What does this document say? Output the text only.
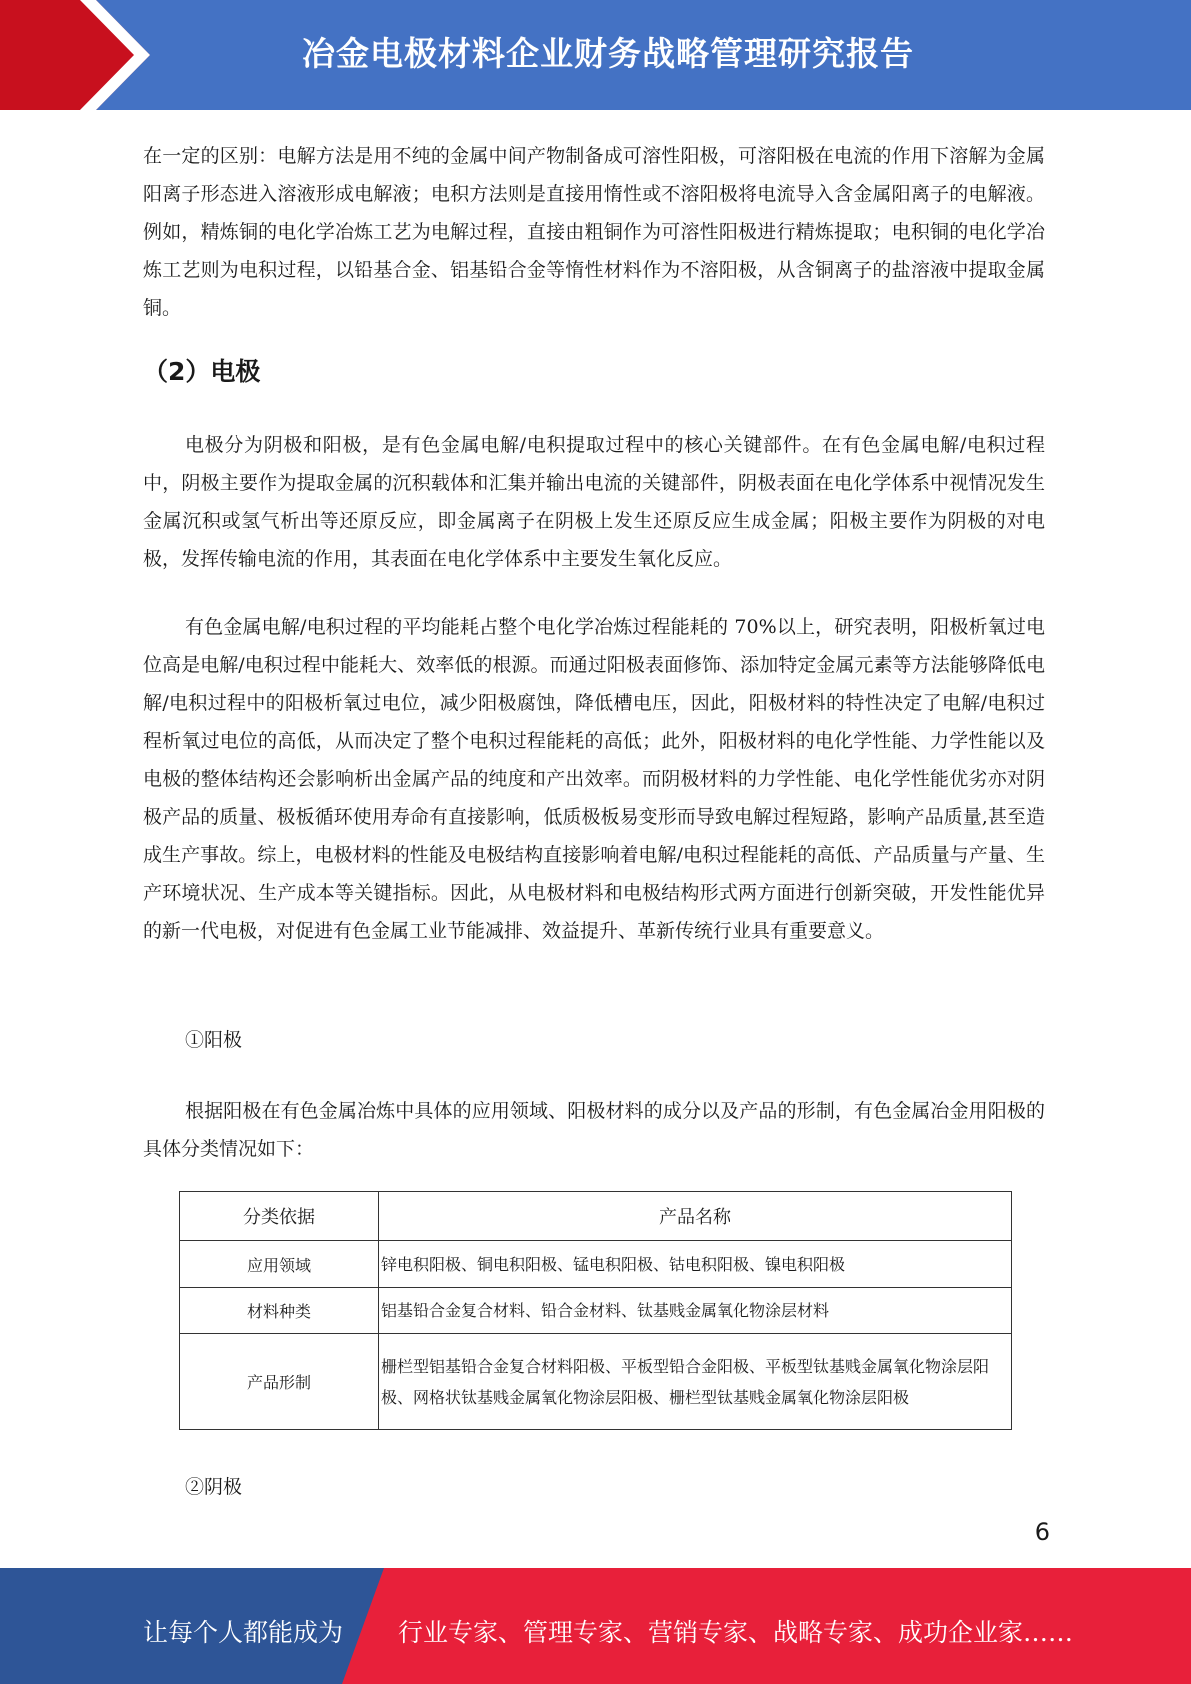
冶金电极材料企业财务战略管理研究报告

在一定的区别：电解方法是用不纯的金属中间产物制备成可溶性阳极，可溶阳极在电流的作用下溶解为金属阳离子形态进入溶液形成电解液；电积方法则是直接用惰性或不溶阳极将电流导入含金属阳离子的电解液。例如，精炼铜的电化学冶炼工艺为电解过程，直接由粗铜作为可溶性阳极进行精炼提取；电积铜的电化学冶炼工艺则为电积过程，以铅基合金、铝基铅合金等惰性材料作为不溶阳极，从含铜离子的盐溶液中提取金属铜。

（2）电极

电极分为阴极和阳极，是有色金属电解/电积提取过程中的核心关键部件。在有色金属电解/电积过程中，阴极主要作为提取金属的沉积载体和汇集并输出电流的关键部件，阴极表面在电化学体系中视情况发生金属沉积或氢气析出等还原反应，即金属离子在阴极上发生还原反应生成金属；阳极主要作为阴极的对电极，发挥传输电流的作用，其表面在电化学体系中主要发生氧化反应。

有色金属电解/电积过程的平均能耗占整个电化学冶炼过程能耗的 70%以上，研究表明，阳极析氧过电位高是电解/电积过程中能耗大、效率低的根源。而通过阳极表面修饰、添加特定金属元素等方法能够降低电解/电积过程中的阳极析氧过电位，减少阳极腐蚀，降低槽电压，因此，阳极材料的特性决定了电解/电积过程析氧过电位的高低，从而决定了整个电积过程能耗的高低；此外，阳极材料的电化学性能、力学性能以及电极的整体结构还会影响析出金属产品的纯度和产出效率。而阴极材料的力学性能、电化学性能优劣亦对阴极产品的质量、极板循环使用寿命有直接影响，低质极板易变形而导致电解过程短路，影响产品质量,甚至造成生产事故。综上，电极材料的性能及电极结构直接影响着电解/电积过程能耗的高低、产品质量与产量、生产环境状况、生产成本等关键指标。因此，从电极材料和电极结构形式两方面进行创新突破，开发性能优异的新一代电极，对促进有色金属工业节能减排、效益提升、革新传统行业具有重要意义。

①阳极

根据阳极在有色金属冶炼中具体的应用领域、阳极材料的成分以及产品的形制，有色金属冶金用阳极的具体分类情况如下：

分类依据	产品名称
应用领域	锌电积阳极、铜电积阳极、锰电积阳极、钴电积阳极、镍电积阳极
材料种类	铝基铅合金复合材料、铅合金材料、钛基贱金属氧化物涂层材料
产品形制	栅栏型铝基铅合金复合材料阳极、平板型铅合金阳极、平板型钛基贱金属氧化物涂层阳极、网格状钛基贱金属氧化物涂层阳极、栅栏型钛基贱金属氧化物涂层阳极
②阴极
6
让每个人都能成为 行业专家、管理专家、营销专家、战略专家、成功企业家……
